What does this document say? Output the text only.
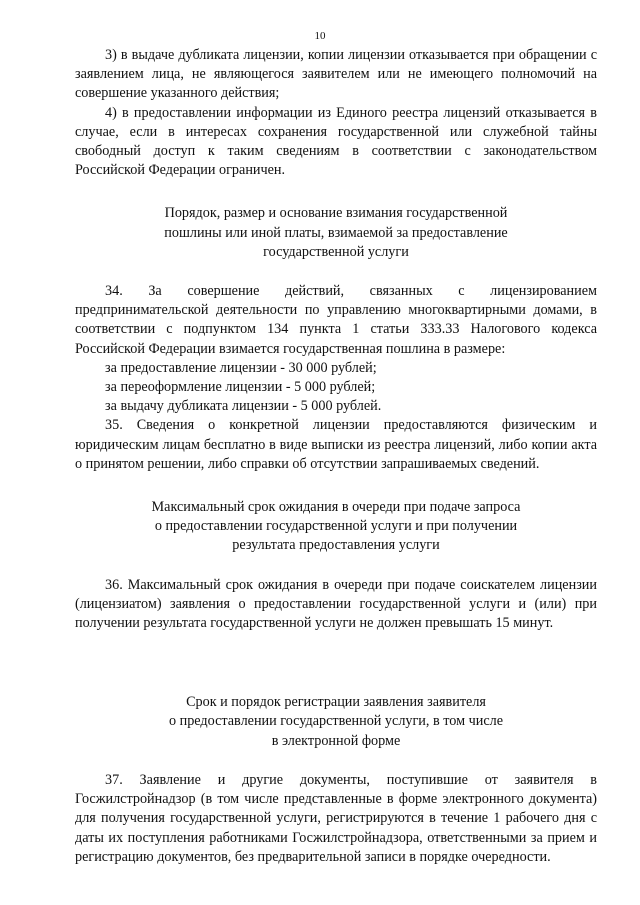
10

3) в выдаче дубликата лицензии, копии лицензии отказывается при обращении с заявлением лица, не являющегося заявителем или не имеющего полномочий на совершение указанного действия;

4) в предоставлении информации из Единого реестра лицензий отказывается в случае, если в интересах сохранения государственной или служебной тайны свободный доступ к таким сведениям в соответствии с законодательством Российской Федерации ограничен.

Порядок, размер и основание взимания государственной

пошлины или иной платы, взимаемой за предоставление

государственной услуги

34. За совершение действий, связанных с лицензированием предпринимательской деятельности по управлению многоквартирными домами, в соответствии с подпунктом 134 пункта 1 статьи 333.33 Налогового кодекса Российской Федерации взимается государственная пошлина в размере:

за предоставление лицензии - 30 000 рублей;

за переоформление лицензии - 5 000 рублей;

за выдачу дубликата лицензии - 5 000 рублей.

35. Сведения о конкретной лицензии предоставляются физическим и юридическим лицам бесплатно в виде выписки из реестра лицензий, либо копии акта о принятом решении, либо справки об отсутствии запрашиваемых сведений.

Максимальный срок ожидания в очереди при подаче запроса

о предоставлении государственной услуги и при получении

результата предоставления услуги

36. Максимальный срок ожидания в очереди при подаче соискателем лицензии (лицензиатом) заявления о предоставлении государственной услуги и (или) при получении результата государственной услуги не должен превышать 15 минут.

Срок и порядок регистрации заявления заявителя

о предоставлении государственной услуги, в том числе

в электронной форме

37. Заявление и другие документы, поступившие от заявителя в Госжилстройнадзор (в том числе представленные в форме электронного документа) для получения государственной услуги, регистрируются в течение 1 рабочего дня с даты их поступления работниками Госжилстройнадзора, ответственными за прием и регистрацию документов, без предварительной записи в порядке очередности.
